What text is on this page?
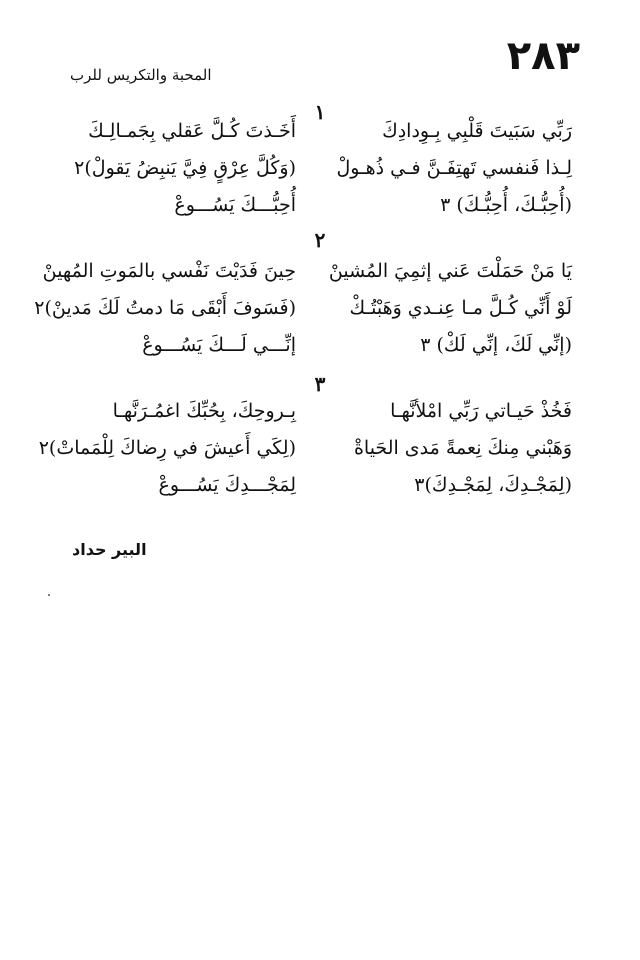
٢٨٣
المحبة والتكريس للرب
١
رَبِّي سَبَيتَ قَلْبِي بِـوِدادِكَ
لِـذا فَنفسي تَهتِفَـنَّ فـي ذُهـولْ
(أُحِبُّـكَ، أُحِبُّـكَ) ٣
أَخَـذتَ كُـلَّ عَقلي بِجَمـالِـكَ
(وَكُلَّ عِرْقٍ فِيَّ يَنبِضُ يَقولْ)٢
أُحِبُّـــكَ يَسُـــوعْ
٢
يَا مَنْ حَمَلْتَ عَني إثمِيَ المُشينْ
لَوْ أَنِّي كُـلَّ مـا عِنـدي وَهَبْتُـكْ
(إنِّي لَكَ، إنِّي لَكْ) ٣
حِينَ فَدَيْتَ نَفْسي بالمَوتِ المُهينْ
(فَسَوفَ أَبْقَى مَا دمتُ لَكَ مَدينْ)٢
إنِّـــي لَـــكَ يَسُـــوعْ
٣
فَخُذْ حَيـاتي رَبِّي امْلأنَّهـا
وَهَبْني مِنكَ نِعمةً مَدى الحَياةْ
(لِمَجْـدِكَ، لِمَجْـدِكَ)٣
بِـروحِكَ، بِحُبِّكَ اغمُـرَنَّهـا
(لِكَي أَعيشَ في رِضاكَ لِلْمَماتْ)٢
لِمَجْـــدِكَ يَسُـــوعْ
البير حداد
